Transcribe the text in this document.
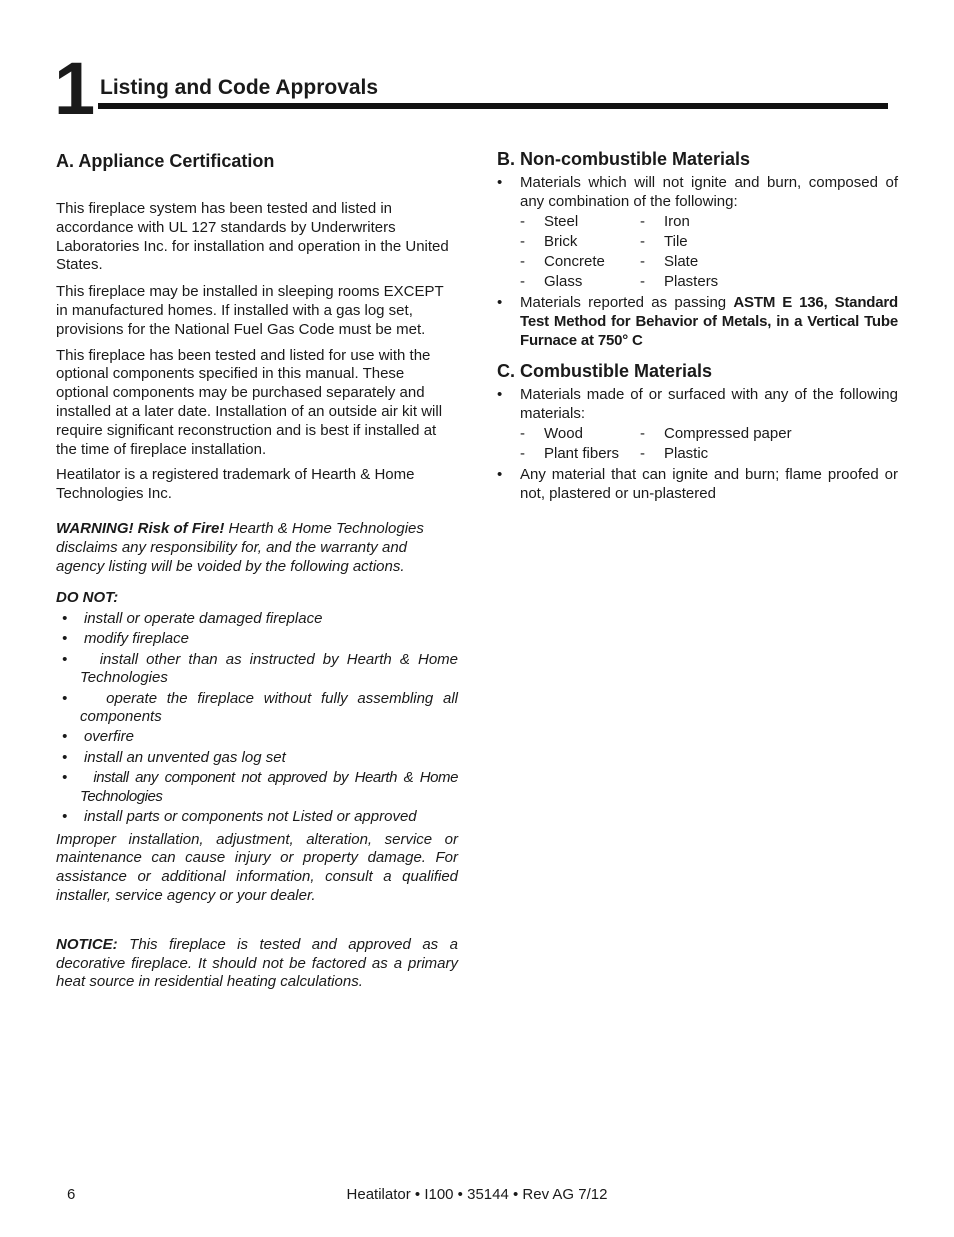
1 Listing and Code Approvals
A. Appliance Certification

This fireplace system has been tested and listed in accordance with UL 127 standards by Underwriters Laboratories Inc. for installation and operation in the United States.

This fireplace may be installed in sleeping rooms EXCEPT in manufactured homes. If installed with a gas log set, provisions for the National Fuel Gas Code must be met.

This fireplace has been tested and listed for use with the optional components specified in this manual. These optional components may be purchased separately and installed at a later date. Installation of an outside air kit will require significant reconstruction and is best if installed at the time of fireplace installation.

Heatilator is a registered trademark of Hearth & Home Technologies Inc.

WARNING! Risk of Fire! Hearth & Home Technologies disclaims any responsibility for, and the warranty and agency listing will be voided by the following actions.

DO NOT:

• install or operate damaged fireplace
• modify fireplace
• install other than as instructed by Hearth & Home Technologies
•	operate the fireplace without fully assembling all components
• overfire
• install an unvented gas log set
• install any component not approved by Hearth & Home Technologies
• install parts or components not Listed or approved

Improper installation, adjustment, alteration, service or maintenance can cause injury or property damage. For assistance or additional information, consult a qualified installer, service agency or your dealer.

NOTICE: This fireplace is tested and approved as a decorative fireplace. It should not be factored as a primary heat source in residential heating calculations.

B. Non-combustible Materials
• Materials which will not ignite and burn, composed of any combination of the following:
- Steel	- Iron
- Brick	- Tile
- Concrete	- Slate
- Glass	- Plasters
• Materials reported as passing ASTM E 136, Standard Test Method for Behavior of Metals, in a Vertical Tube Furnace at 750° C
C. Combustible Materials
• Materials made of or surfaced with any of the following materials:
- Wood	- Compressed paper
- Plant fibers	- Plastic
• Any material that can ignite and burn; flame proofed or not, plastered or un-plastered
Heatilator • I100 • 35144 • Rev AG 7/12
6
